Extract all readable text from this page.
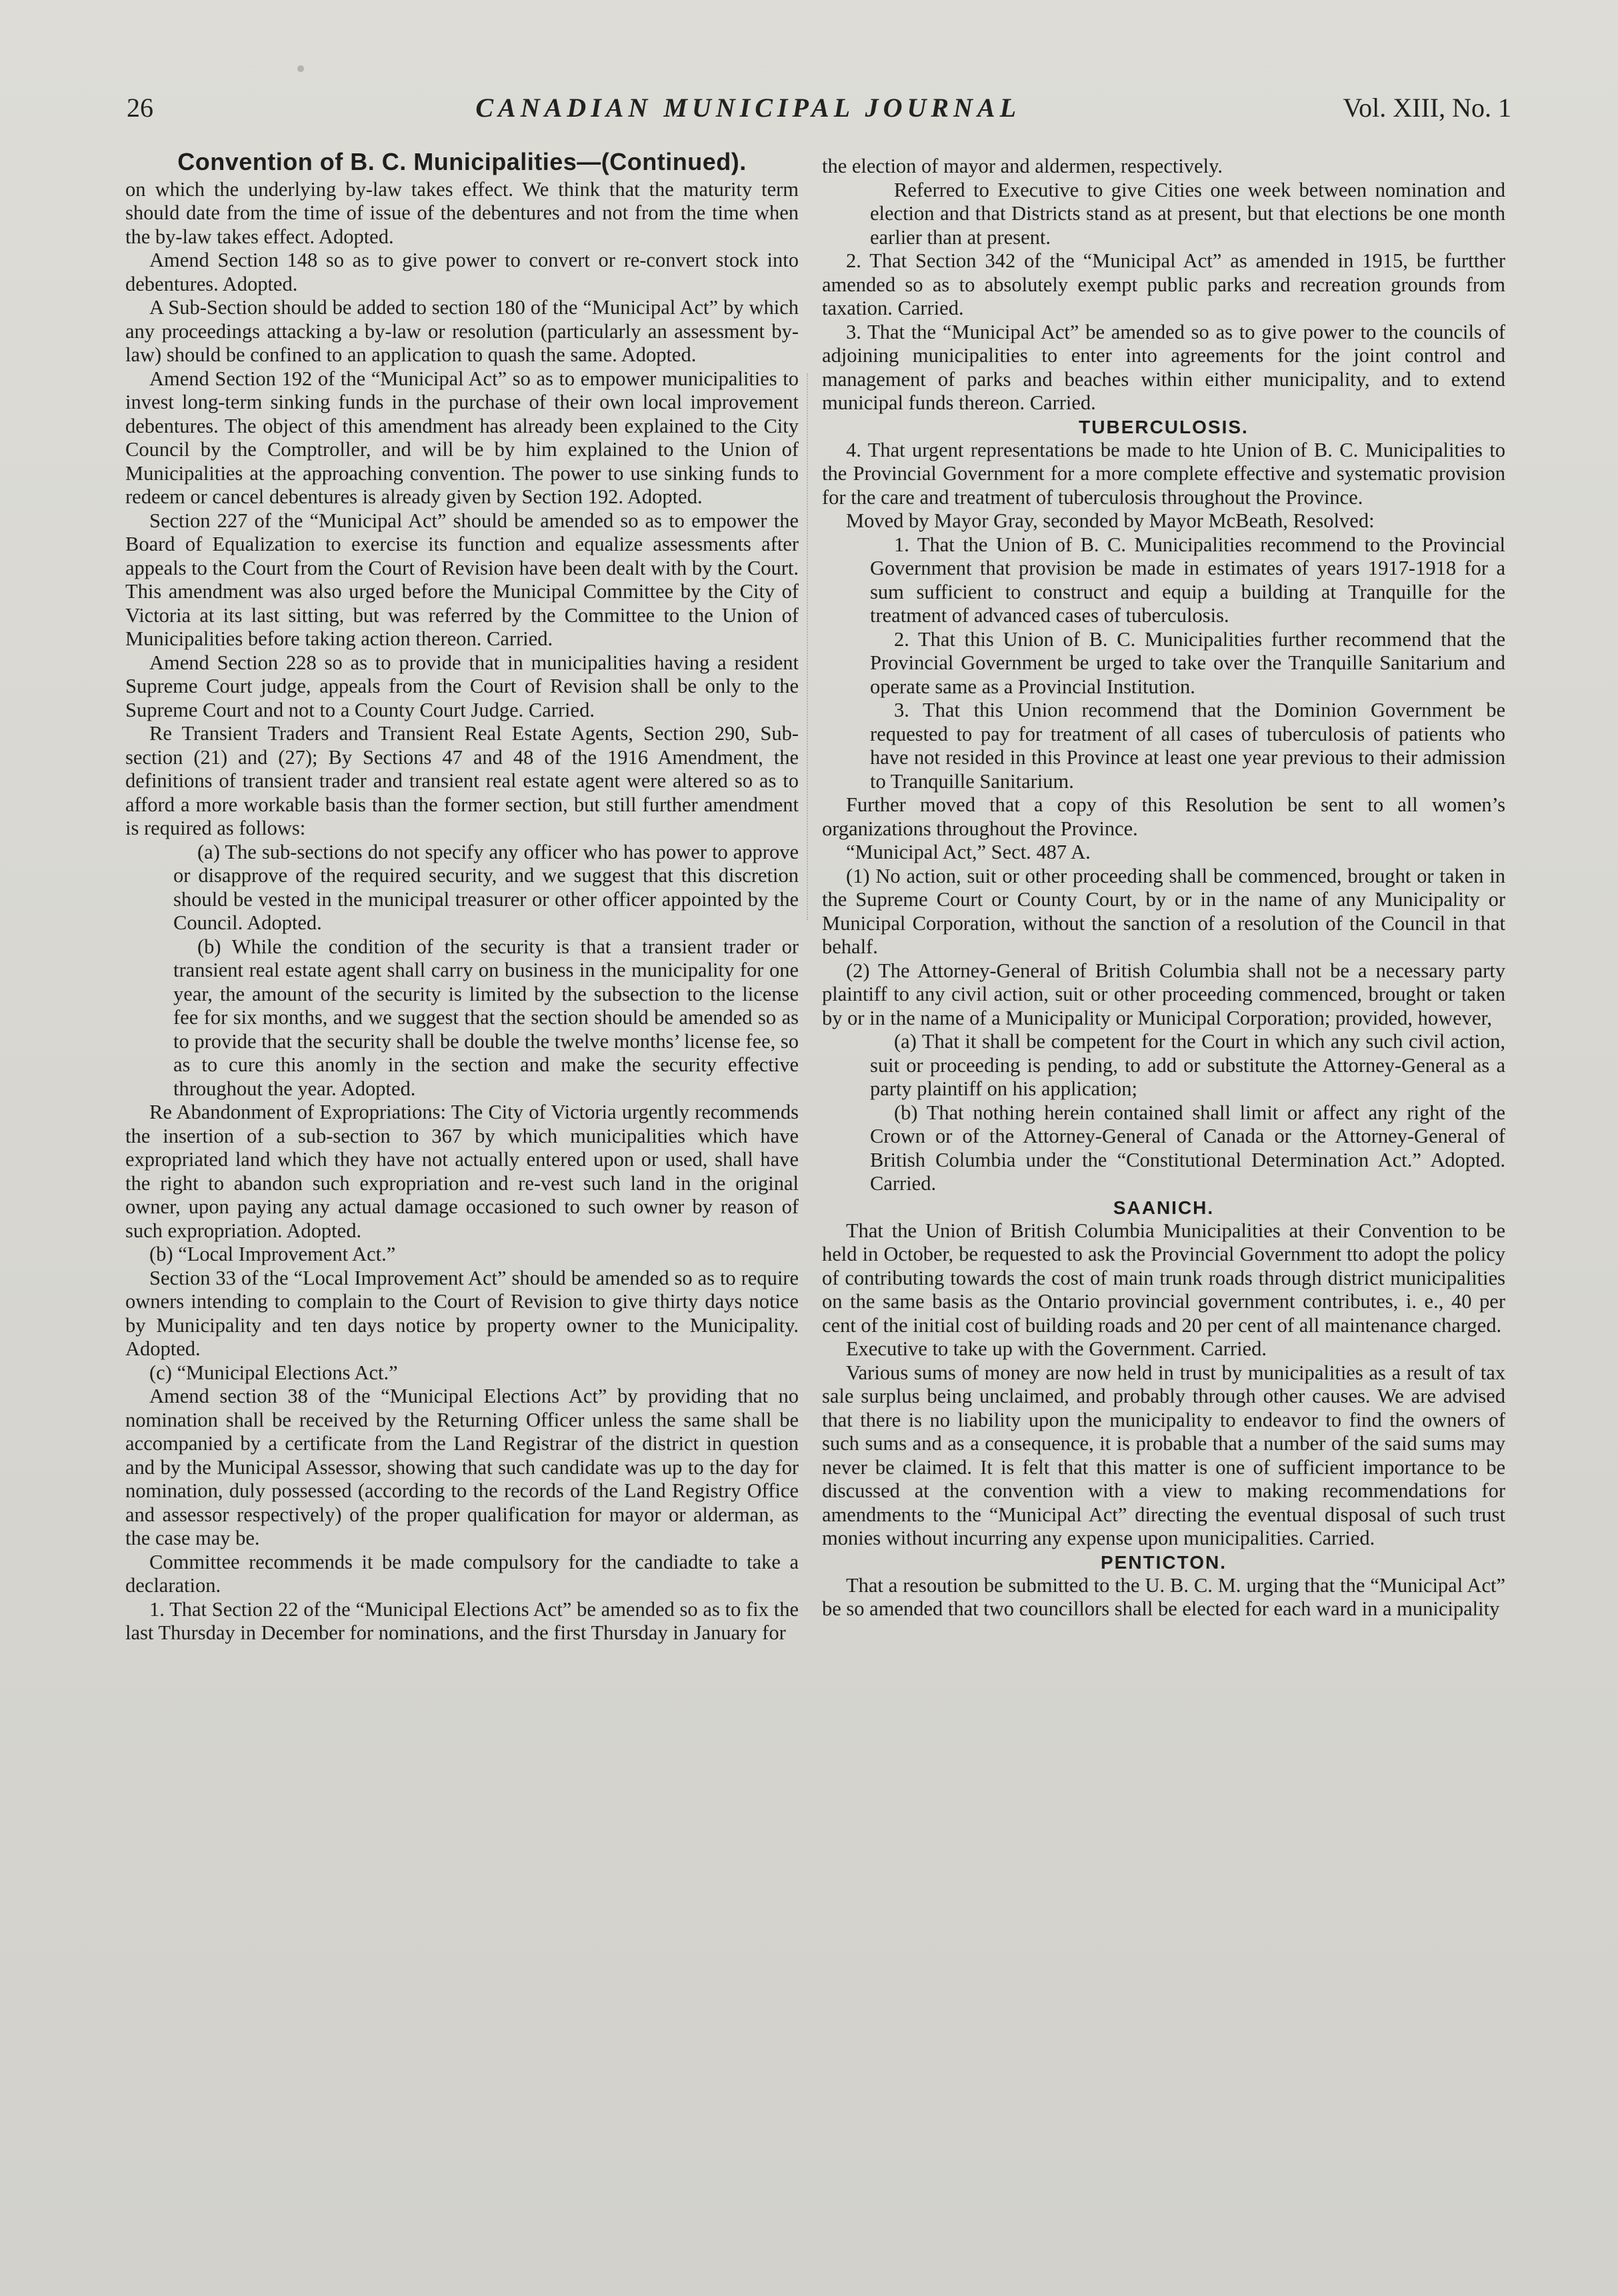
26	CANADIAN MUNICIPAL JOURNAL	Vol. XIII, No. 1
Convention of B. C. Municipalities—(Continued).

on which the underlying by-law takes effect. We think that the maturity term should date from the time of issue of the debentures and not from the time when the by-law takes effect. Adopted.

Amend Section 148 so as to give power to convert or re-convert stock into debentures. Adopted.

A Sub-Section should be added to section 180 of the “Municipal Act” by which any proceedings attacking a by-law or resolution (particularly an assessment by-law) should be confined to an application to quash the same. Adopted.

Amend Section 192 of the “Municipal Act” so as to empower municipalities to invest long-term sinking funds in the purchase of their own local improvement debentures. The object of this amendment has already been explained to the City Council by the Comptroller, and will be by him explained to the Union of Municipalities at the approaching convention. The power to use sinking funds to redeem or cancel debentures is already given by Section 192. Adopted.

Section 227 of the “Municipal Act” should be amended so as to empower the Board of Equalization to exercise its function and equalize assessments after appeals to the Court from the Court of Revision have been dealt with by the Court. This amendment was also urged before the Municipal Committee by the City of Victoria at its last sitting, but was referred by the Committee to the Union of Municipalities before taking action thereon. Carried.

Amend Section 228 so as to provide that in municipalities having a resident Supreme Court judge, appeals from the Court of Revision shall be only to the Supreme Court and not to a County Court Judge. Carried.

Re Transient Traders and Transient Real Estate Agents, Section 290, Sub-section (21) and (27); By Sections 47 and 48 of the 1916 Amendment, the definitions of transient trader and transient real estate agent were altered so as to afford a more workable basis than the former section, but still further amendment is required as follows:

(a) The sub-sections do not specify any officer who has power to approve or disapprove of the required security, and we suggest that this discretion should be vested in the municipal treasurer or other officer appointed by the Council. Adopted.

(b) While the condition of the security is that a transient trader or transient real estate agent shall carry on business in the municipality for one year, the amount of the security is limited by the subsection to the license fee for six months, and we suggest that the section should be amended so as to provide that the security shall be double the twelve months’ license fee, so as to cure this anomly in the section and make the security effective throughout the year. Adopted.

Re Abandonment of Expropriations: The City of Victoria urgently recommends the insertion of a sub-section to 367 by which municipalities which have expropriated land which they have not actually entered upon or used, shall have the right to abandon such expropriation and re-vest such land in the original owner, upon paying any actual damage occasioned to such owner by reason of such expropriation. Adopted.

(b) “Local Improvement Act.”

Section 33 of the “Local Improvement Act” should be amended so as to require owners intending to complain to the Court of Revision to give thirty days notice by Municipality and ten days notice by property owner to the Municipality. Adopted.

(c) “Municipal Elections Act.”

Amend section 38 of the “Municipal Elections Act” by providing that no nomination shall be received by the Returning Officer unless the same shall be accompanied by a certificate from the Land Registrar of the district in question and by the Municipal Assessor, showing that such candidate was up to the day for nomination, duly possessed (according to the records of the Land Registry Office and assessor respectively) of the proper qualification for mayor or alderman, as the case may be.

Committee recommends it be made compulsory for the candiadte to take a declaration.

1. That Section 22 of the “Municipal Elections Act” be amended so as to fix the last Thursday in December for nominations, and the first Thursday in January for

the election of mayor and aldermen, respectively.

Referred to Executive to give Cities one week between nomination and election and that Districts stand as at present, but that elections be one month earlier than at present.

2. That Section 342 of the “Municipal Act” as amended in 1915, be furtther amended so as to absolutely exempt public parks and recreation grounds from taxation. Carried.

3. That the “Municipal Act” be amended so as to give power to the councils of adjoining municipalities to enter into agreements for the joint control and management of parks and beaches within either municipality, and to extend municipal funds thereon. Carried.

TUBERCULOSIS.

4. That urgent representations be made to hte Union of B. C. Municipalities to the Provincial Government for a more complete effective and systematic provision for the care and treatment of tuberculosis throughout the Province.

Moved by Mayor Gray, seconded by Mayor McBeath, Resolved:

1. That the Union of B. C. Municipalities recommend to the Provincial Government that provision be made in estimates of years 1917-1918 for a sum sufficient to construct and equip a building at Tranquille for the treatment of advanced cases of tuberculosis.

2. That this Union of B. C. Municipalities further recommend that the Provincial Government be urged to take over the Tranquille Sanitarium and operate same as a Provincial Institution.

3. That this Union recommend that the Dominion Government be requested to pay for treatment of all cases of tuberculosis of patients who have not resided in this Province at least one year previous to their admission to Tranquille Sanitarium.

Further moved that a copy of this Resolution be sent to all women’s organizations throughout the Province.

“Municipal Act,” Sect. 487 A.

(1) No action, suit or other proceeding shall be commenced, brought or taken in the Supreme Court or County Court, by or in the name of any Municipality or Municipal Corporation, without the sanction of a resolution of the Council in that behalf.

(2) The Attorney-General of British Columbia shall not be a necessary party plaintiff to any civil action, suit or other proceeding commenced, brought or taken by or in the name of a Municipality or Municipal Corporation; provided, however,

(a) That it shall be competent for the Court in which any such civil action, suit or proceeding is pending, to add or substitute the Attorney-General as a party plaintiff on his application;

(b) That nothing herein contained shall limit or affect any right of the Crown or of the Attorney-General of Canada or the Attorney-General of British Columbia under the “Constitutional Determination Act.” Adopted. Carried.

SAANICH.

That the Union of British Columbia Municipalities at their Convention to be held in October, be requested to ask the Provincial Government tto adopt the policy of contributing towards the cost of main trunk roads through district municipalities on the same basis as the Ontario provincial government contributes, i. e., 40 per cent of the initial cost of building roads and 20 per cent of all maintenance charged.

Executive to take up with the Government. Carried.

Various sums of money are now held in trust by municipalities as a result of tax sale surplus being unclaimed, and probably through other causes. We are advised that there is no liability upon the municipality to endeavor to find the owners of such sums and as a consequence, it is probable that a number of the said sums may never be claimed. It is felt that this matter is one of sufficient importance to be discussed at the convention with a view to making recommendations for amendments to the “Municipal Act” directing the eventual disposal of such trust monies without incurring any expense upon municipalities. Carried.

PENTICTON.

That a resoution be submitted to the U. B. C. M. urging that the “Municipal Act” be so amended that two councillors shall be elected for each ward in a municipality
